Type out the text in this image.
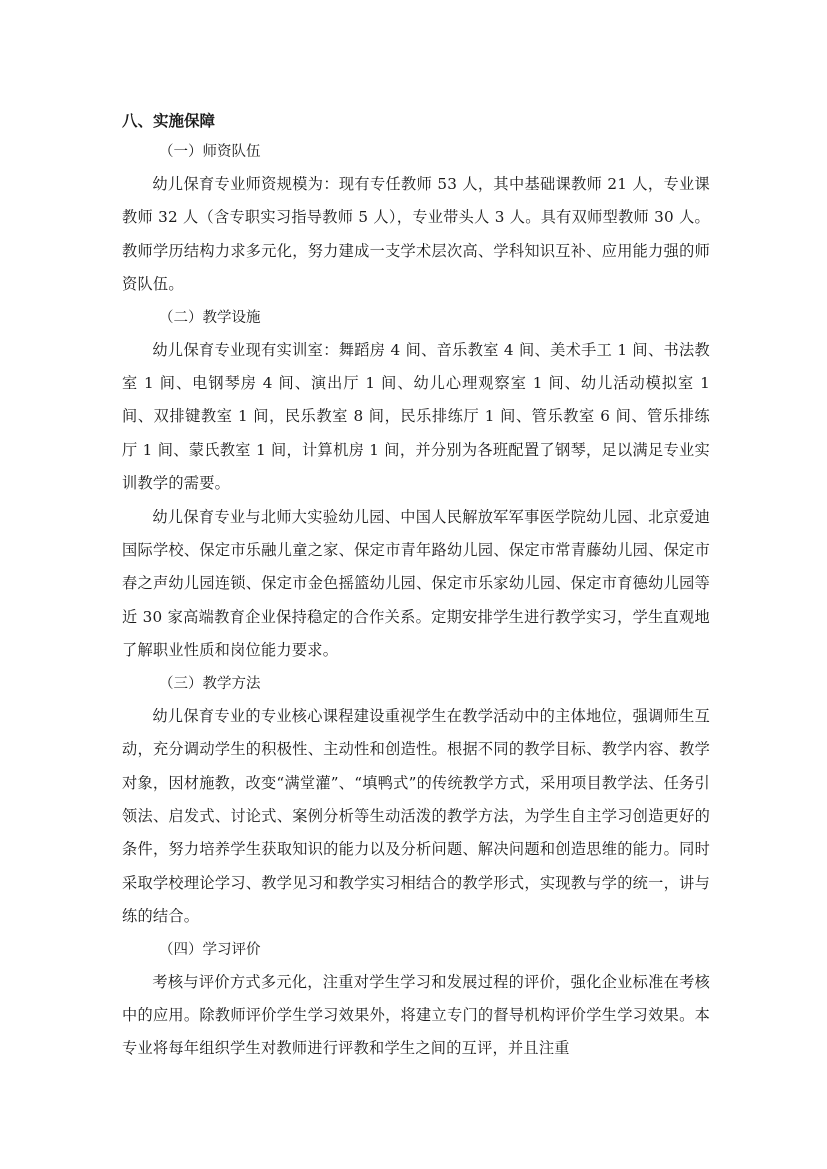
八、实施保障

（一）师资队伍

幼儿保育专业师资规模为：现有专任教师 53 人，其中基础课教师 21 人，专业课教师 32 人（含专职实习指导教师 5 人），专业带头人 3 人。具有双师型教师 30 人。教师学历结构力求多元化，努力建成一支学术层次高、学科知识互补、应用能力强的师资队伍。

（二）教学设施

幼儿保育专业现有实训室：舞蹈房 4 间、音乐教室 4 间、美术手工 1 间、书法教室 1 间、电钢琴房 4 间、演出厅 1 间、幼儿心理观察室 1 间、幼儿活动模拟室 1 间、双排键教室 1 间，民乐教室 8 间，民乐排练厅 1 间、管乐教室 6 间、管乐排练厅 1 间、蒙氏教室 1 间，计算机房 1 间，并分别为各班配置了钢琴，足以满足专业实训教学的需要。

幼儿保育专业与北师大实验幼儿园、中国人民解放军军事医学院幼儿园、北京爱迪国际学校、保定市乐融儿童之家、保定市青年路幼儿园、保定市常青藤幼儿园、保定市春之声幼儿园连锁、保定市金色摇篮幼儿园、保定市乐家幼儿园、保定市育德幼儿园等近 30 家高端教育企业保持稳定的合作关系。定期安排学生进行教学实习，学生直观地了解职业性质和岗位能力要求。

（三）教学方法

幼儿保育专业的专业核心课程建设重视学生在教学活动中的主体地位，强调师生互动，充分调动学生的积极性、主动性和创造性。根据不同的教学目标、教学内容、教学对象，因材施教，改变“满堂灌”、“填鸭式”的传统教学方式，采用项目教学法、任务引领法、启发式、讨论式、案例分析等生动活泼的教学方法，为学生自主学习创造更好的条件，努力培养学生获取知识的能力以及分析问题、解决问题和创造思维的能力。同时采取学校理论学习、教学见习和教学实习相结合的教学形式，实现教与学的统一，讲与练的结合。

（四）学习评价

考核与评价方式多元化，注重对学生学习和发展过程的评价，强化企业标准在考核中的应用。除教师评价学生学习效果外，将建立专门的督导机构评价学生学习效果。本专业将每年组织学生对教师进行评教和学生之间的互评，并且注重
